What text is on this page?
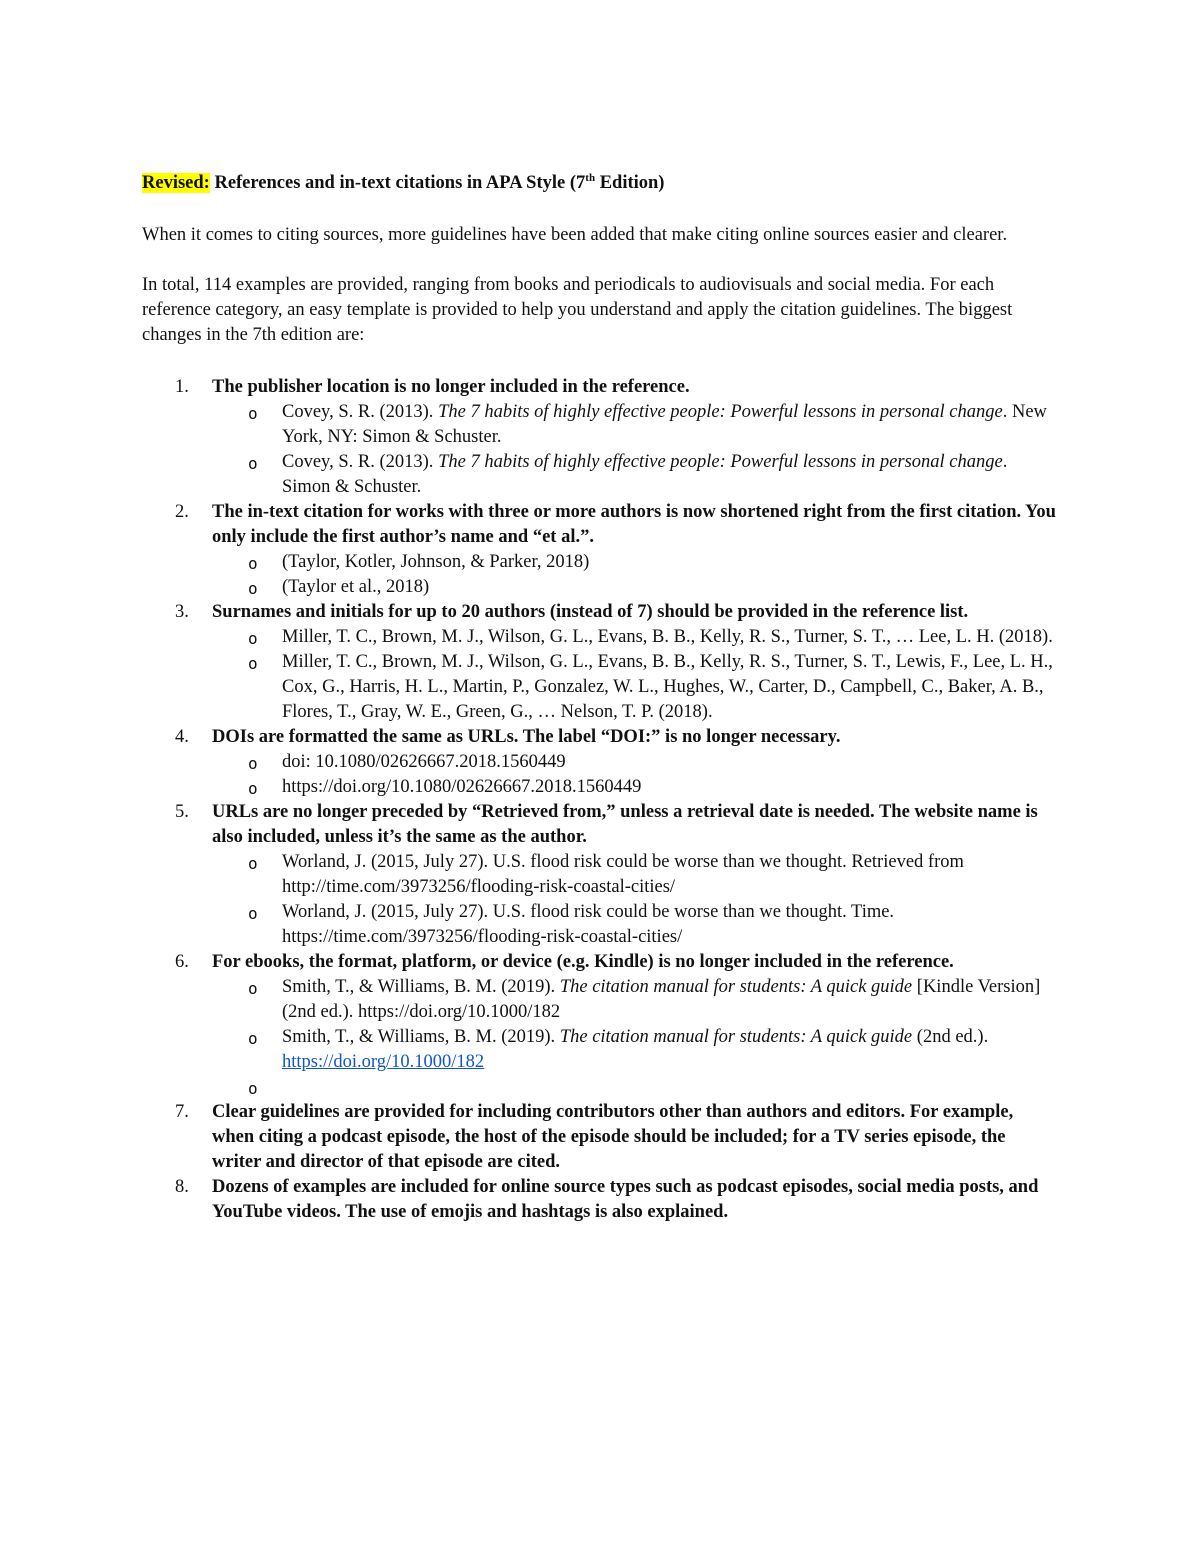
Revised: References and in-text citations in APA Style (7th Edition)

When it comes to citing sources, more guidelines have been added that make citing online sources easier and clearer.

In total, 114 examples are provided, ranging from books and periodicals to audiovisuals and social media. For each reference category, an easy template is provided to help you understand and apply the citation guidelines. The biggest changes in the 7th edition are:

1. The publisher location is no longer included in the reference.
o Covey, S. R. (2013). The 7 habits of highly effective people: Powerful lessons in personal change. New York, NY: Simon & Schuster.
o Covey, S. R. (2013). The 7 habits of highly effective people: Powerful lessons in personal change. Simon & Schuster.
2. The in-text citation for works with three or more authors is now shortened right from the first citation. You only include the first author’s name and “et al.”.
o (Taylor, Kotler, Johnson, & Parker, 2018)
o (Taylor et al., 2018)
3. Surnames and initials for up to 20 authors (instead of 7) should be provided in the reference list.
o Miller, T. C., Brown, M. J., Wilson, G. L., Evans, B. B., Kelly, R. S., Turner, S. T., … Lee, L. H. (2018).
o Miller, T. C., Brown, M. J., Wilson, G. L., Evans, B. B., Kelly, R. S., Turner, S. T., Lewis, F., Lee, L. H., Cox, G., Harris, H. L., Martin, P., Gonzalez, W. L., Hughes, W., Carter, D., Campbell, C., Baker, A. B., Flores, T., Gray, W. E., Green, G., … Nelson, T. P. (2018).
4. DOIs are formatted the same as URLs. The label “DOI:” is no longer necessary.
o doi: 10.1080/02626667.2018.1560449
o https://doi.org/10.1080/02626667.2018.1560449
5. URLs are no longer preceded by “Retrieved from,” unless a retrieval date is needed. The website name is also included, unless it’s the same as the author.
o Worland, J. (2015, July 27). U.S. flood risk could be worse than we thought. Retrieved from http://time.com/3973256/flooding-risk-coastal-cities/
o Worland, J. (2015, July 27). U.S. flood risk could be worse than we thought. Time. https://time.com/3973256/flooding-risk-coastal-cities/
6. For ebooks, the format, platform, or device (e.g. Kindle) is no longer included in the reference.
o Smith, T., & Williams, B. M. (2019). The citation manual for students: A quick guide [Kindle Version] (2nd ed.). https://doi.org/10.1000/182
o Smith, T., & Williams, B. M. (2019). The citation manual for students: A quick guide (2nd ed.). https://doi.org/10.1000/182
o
7. Clear guidelines are provided for including contributors other than authors and editors. For example, when citing a podcast episode, the host of the episode should be included; for a TV series episode, the writer and director of that episode are cited.
8. Dozens of examples are included for online source types such as podcast episodes, social media posts, and YouTube videos. The use of emojis and hashtags is also explained.
